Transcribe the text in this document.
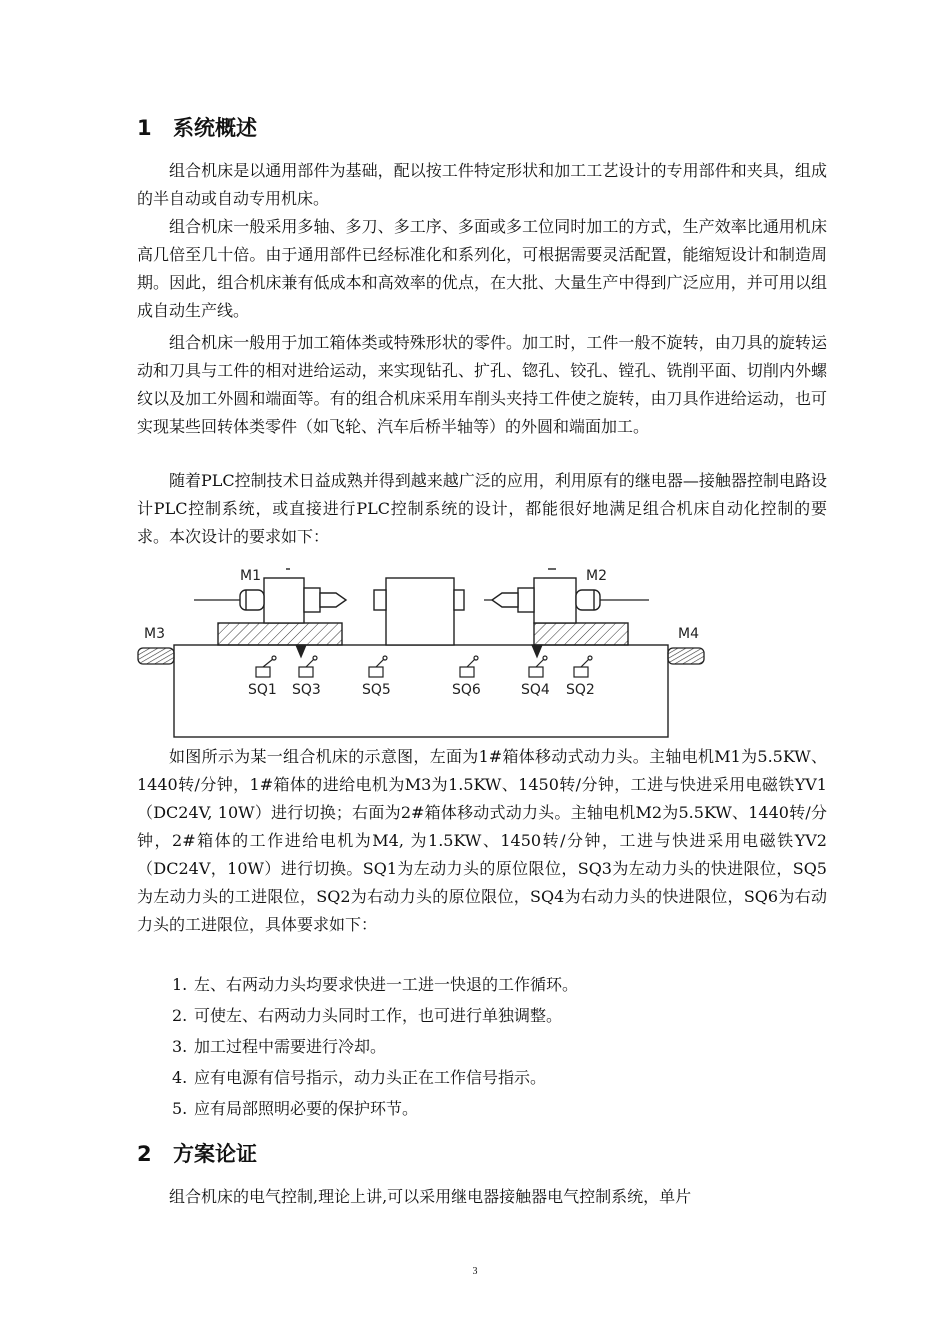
1 系统概述

组合机床是以通用部件为基础，配以按工件特定形状和加工工艺设计的专用部件和夹具，组成的半自动或自动专用机床。

组合机床一般采用多轴、多刀、多工序、多面或多工位同时加工的方式，生产效率比通用机床高几倍至几十倍。由于通用部件已经标准化和系列化，可根据需要灵活配置，能缩短设计和制造周期。因此，组合机床兼有低成本和高效率的优点，在大批、大量生产中得到广泛应用，并可用以组成自动生产线。

组合机床一般用于加工箱体类或特殊形状的零件。加工时，工件一般不旋转，由刀具的旋转运动和刀具与工件的相对进给运动，来实现钻孔、扩孔、锪孔、铰孔、镗孔、铣削平面、切削内外螺纹以及加工外圆和端面等。有的组合机床采用车削头夹持工件使之旋转，由刀具作进给运动，也可实现某些回转体类零件（如飞轮、汽车后桥半轴等）的外圆和端面加工。

随着PLC控制技术日益成熟并得到越来越广泛的应用，利用原有的继电器—接触器控制电路设计PLC控制系统，或直接进行PLC控制系统的设计，都能很好地满足组合机床自动化控制的要求。本次设计的要求如下：

M1	M2
M3	M4
SQ1 SQ3	SQ5	SQ6	SQ4 SQ2

如图所示为某一组合机床的示意图，左面为1#箱体移动式动力头。主轴电机M1为5.5KW、1440转/分钟，1#箱体的进给电机为M3为1.5KW、1450转/分钟，工进与快进采用电磁铁YV1（DC24V, 10W）进行切换；右面为2#箱体移动式动力头。主轴电机M2为5.5KW、1440转/分钟，2#箱体的工作进给电机为M4, 为1.5KW、1450转/分钟，工进与快进采用电磁铁YV2（DC24V，10W）进行切换。SQ1为左动力头的原位限位，SQ3为左动力头的快进限位，SQ5为左动力头的工进限位，SQ2为右动力头的原位限位，SQ4为右动力头的快进限位，SQ6为右动力头的工进限位，具体要求如下：

1. 左、右两动力头均要求快进一工进一快退的工作循环。
2. 可使左、右两动力头同时工作，也可进行单独调整。
3. 加工过程中需要进行冷却。
4. 应有电源有信号指示，动力头正在工作信号指示。
5. 应有局部照明必要的保护环节。
2 方案论证

组合机床的电气控制,理论上讲,可以采用继电器接触器电气控制系统，单片

3
